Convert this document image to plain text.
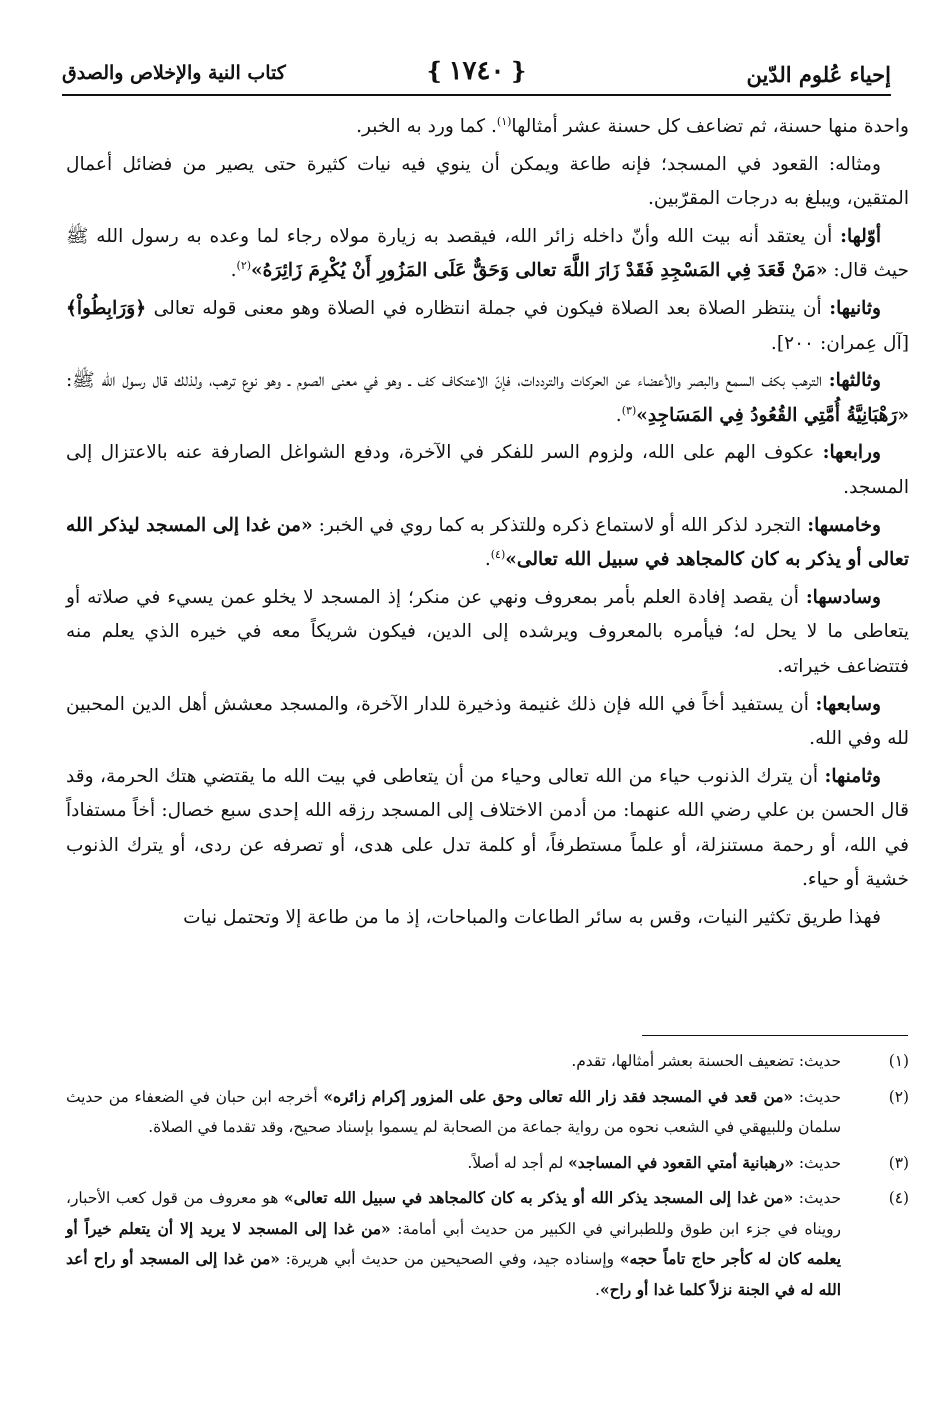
إحياء عُلوم الدّين
❴ ١٧٤٠ ❵
كتاب النية والإخلاص والصدق

واحدة منها حسنة، ثم تضاعف كل حسنة عشر أمثالها$^{(١)}$. كما ورد به الخبر.

ومثاله: القعود في المسجد؛ فإنه طاعة ويمكن أن ينوي فيه نيات كثيرة حتى يصير من فضائل أعمال المتقين، ويبلغ به درجات المقرّبين.

أوّلها: أن يعتقد أنه بيت الله وأنّ داخله زائر الله، فيقصد به زيارة مولاه رجاء لما وعده به رسول الله ﷺ حيث قال: «مَنْ قَعَدَ فِي المَسْجِدِ فَقَدْ زَارَ اللَّهَ تعالى وَحَقٌّ عَلَى المَزُورِ أَنْ يُكْرِمَ زَائِرَهُ»$^{(٢)}$.

وثانيها: أن ينتظر الصلاة بعد الصلاة فيكون في جملة انتظاره في الصلاة وهو معنى قوله تعالى ﴿وَرَابِطُواْ﴾ [آل عِمران: ٢٠٠].

وثالثها: الترهب بكف السمع والبصر والأعضاء عن الحركات والترددات، فإنّ الاعتكاف كف ـ وهو في معنى الصوم ـ وهو نوع ترهب، ولذلك قال رسول الله ﷺ: «رَهْبَانِيَّةُ أُمَّتِي القُعُودُ فِي المَسَاجِدِ»$^{(٣)}$.

ورابعها: عكوف الهم على الله، ولزوم السر للفكر في الآخرة، ودفع الشواغل الصارفة عنه بالاعتزال إلى المسجد.

وخامسها: التجرد لذكر الله أو لاستماع ذكره وللتذكر به كما روي في الخبر: «من غدا إلى المسجد ليذكر الله تعالى أو يذكر به كان كالمجاهد في سبيل الله تعالى»$^{(٤)}$.

وسادسها: أن يقصد إفادة العلم بأمر بمعروف ونهي عن منكر؛ إذ المسجد لا يخلو عمن يسيء في صلاته أو يتعاطى ما لا يحل له؛ فيأمره بالمعروف ويرشده إلى الدين، فيكون شريكاً معه في خيره الذي يعلم منه فتتضاعف خيراته.

وسابعها: أن يستفيد أخاً في الله فإن ذلك غنيمة وذخيرة للدار الآخرة، والمسجد معشش أهل الدين المحبين لله وفي الله.

وثامنها: أن يترك الذنوب حياء من الله تعالى وحياء من أن يتعاطى في بيت الله ما يقتضي هتك الحرمة، وقد قال الحسن بن علي رضي الله عنهما: من أدمن الاختلاف إلى المسجد رزقه الله إحدى سبع خصال: أخاً مستفاداً في الله، أو رحمة مستنزلة، أو علماً مستطرفاً، أو كلمة تدل على هدى، أو تصرفه عن ردى، أو يترك الذنوب خشية أو حياء.

فهذا طريق تكثير النيات، وقس به سائر الطاعات والمباحات، إذ ما من طاعة إلا وتحتمل نيات

(١)
حديث: تضعيف الحسنة بعشر أمثالها، تقدم.

(٢)
حديث: «من قعد في المسجد فقد زار الله تعالى وحق على المزور إكرام زائره» أخرجه ابن حبان في الضعفاء من حديث سلمان وللبيهقي في الشعب نحوه من رواية جماعة من الصحابة لم يسموا بإسناد صحيح، وقد تقدما في الصلاة.

(٣)
حديث: «رهبانية أمتي القعود في المساجد» لم أجد له أصلاً.

(٤)
حديث: «من غدا إلى المسجد يذكر الله أو يذكر به كان كالمجاهد في سبيل الله تعالى» هو معروف من قول كعب الأحبار، رويناه في جزء ابن طوق وللطبراني في الكبير من حديث أبي أمامة: «من غدا إلى المسجد لا يريد إلا أن يتعلم خيراً أو يعلمه كان له كأجر حاج تاماً حجه» وإسناده جيد، وفي الصحيحين من حديث أبي هريرة: «من غدا إلى المسجد أو راح أعد الله له في الجنة نزلاً كلما غدا أو راح».
